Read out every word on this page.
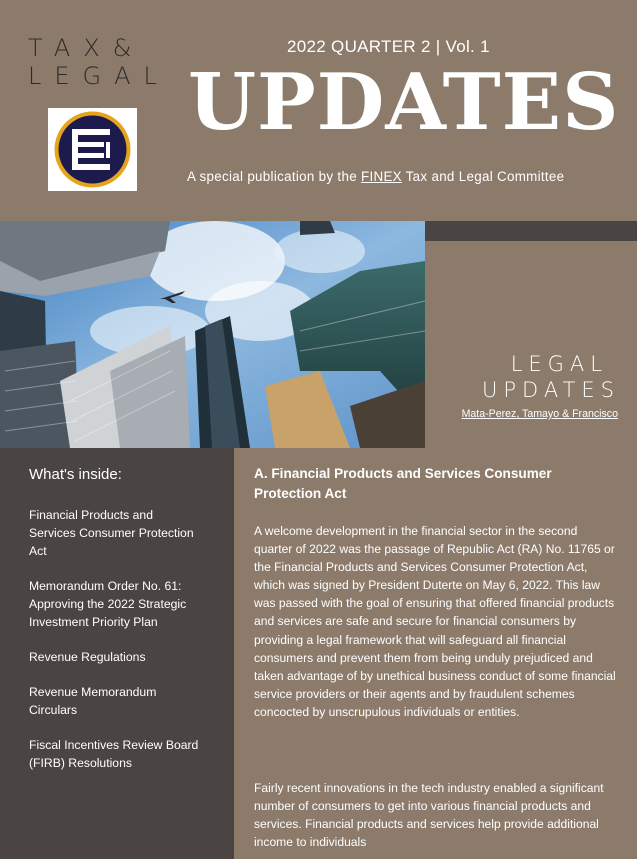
TAX&
LEGAL
2022 QUARTER 2 | Vol. 1
UPDATES
A special publication by the FINEX Tax and Legal Committee
LEGAL
UPDATES
Mata-Perez, Tamayo & Francisco
What's inside:
Financial Products and Services Consumer Protection Act
Memorandum Order No. 61: Approving the 2022 Strategic Investment Priority Plan
Revenue Regulations
Revenue Memorandum Circulars
Fiscal Incentives Review Board (FIRB) Resolutions
A. Financial Products and Services Consumer Protection Act

A welcome development in the financial sector in the second quarter of 2022 was the passage of Republic Act (RA) No. 11765 or the Financial Products and Services Consumer Protection Act, which was signed by President Duterte on May 6, 2022. This law was passed with the goal of ensuring that offered financial products and services are safe and secure for financial consumers by providing a legal framework that will safeguard all financial consumers and prevent them from being unduly prejudiced and taken advantage of by unethical business conduct of some financial service providers or their agents and by fraudulent schemes concocted by unscrupulous individuals or entities.

Fairly recent innovations in the tech industry enabled a significant number of consumers to get into various financial products and services. Financial products and services help provide additional income to individuals
